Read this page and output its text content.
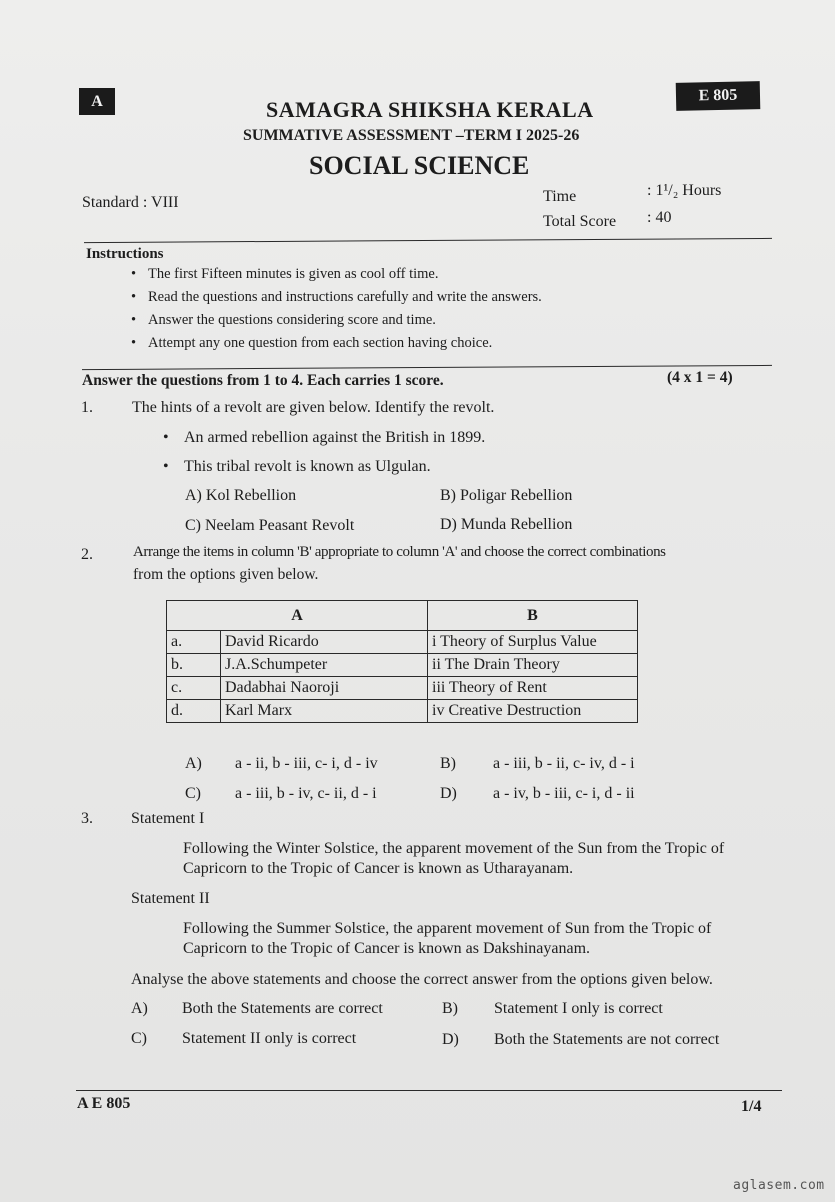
A	E 805
SAMAGRA SHIKSHA KERALA
SUMMATIVE ASSESSMENT –TERM I 2025-26
SOCIAL SCIENCE
Standard : VIII	Time	: 1¹/₂ Hours
Total Score : 40
Instructions
• The first Fifteen minutes is given as cool off time.
• Read the questions and instructions carefully and write the answers.
• Answer the questions considering score and time.
• Attempt any one question from each section having choice.
Answer the questions from 1 to 4. Each carries 1 score.	(4 x 1 = 4)
1. The hints of a revolt are given below. Identify the revolt.
• An armed rebellion against the British in 1899.
• This tribal revolt is known as Ulgulan.
A) Kol Rebellion	B) Poligar Rebellion
C) Neelam Peasant Revolt	D) Munda Rebellion
2.	Arrange the items in column 'B' appropriate to column 'A' and choose the correct combinations
from the options given below.
A		B
a.	David Ricardo	i Theory of Surplus Value
b.	J.A.Schumpeter	ii The Drain Theory
c.	Dadabhai Naoroji	iii Theory of Rent
d.	Karl Marx	iv Creative Destruction
A) a - ii, b - iii, c- i, d - iv	B) a - iii, b - ii, c- iv, d - i
C) a - iii, b - iv, c- ii, d - i	D) a - iv, b - iii, c- i, d - ii
3. Statement I
Following the Winter Solstice, the apparent movement of the Sun from the Tropic of
Capricorn to the Tropic of Cancer is known as Utharayanam.
Statement II
Following the Summer Solstice, the apparent movement of Sun from the Tropic of
Capricorn to the Tropic of Cancer is known as Dakshinayanam.
Analyse the above statements and choose the correct answer from the options given below.
A) Both the Statements are correct	B) Statement I only is correct
C) Statement II only is correct	D) Both the Statements are not correct
A E 805	1/4
aglasem.com
